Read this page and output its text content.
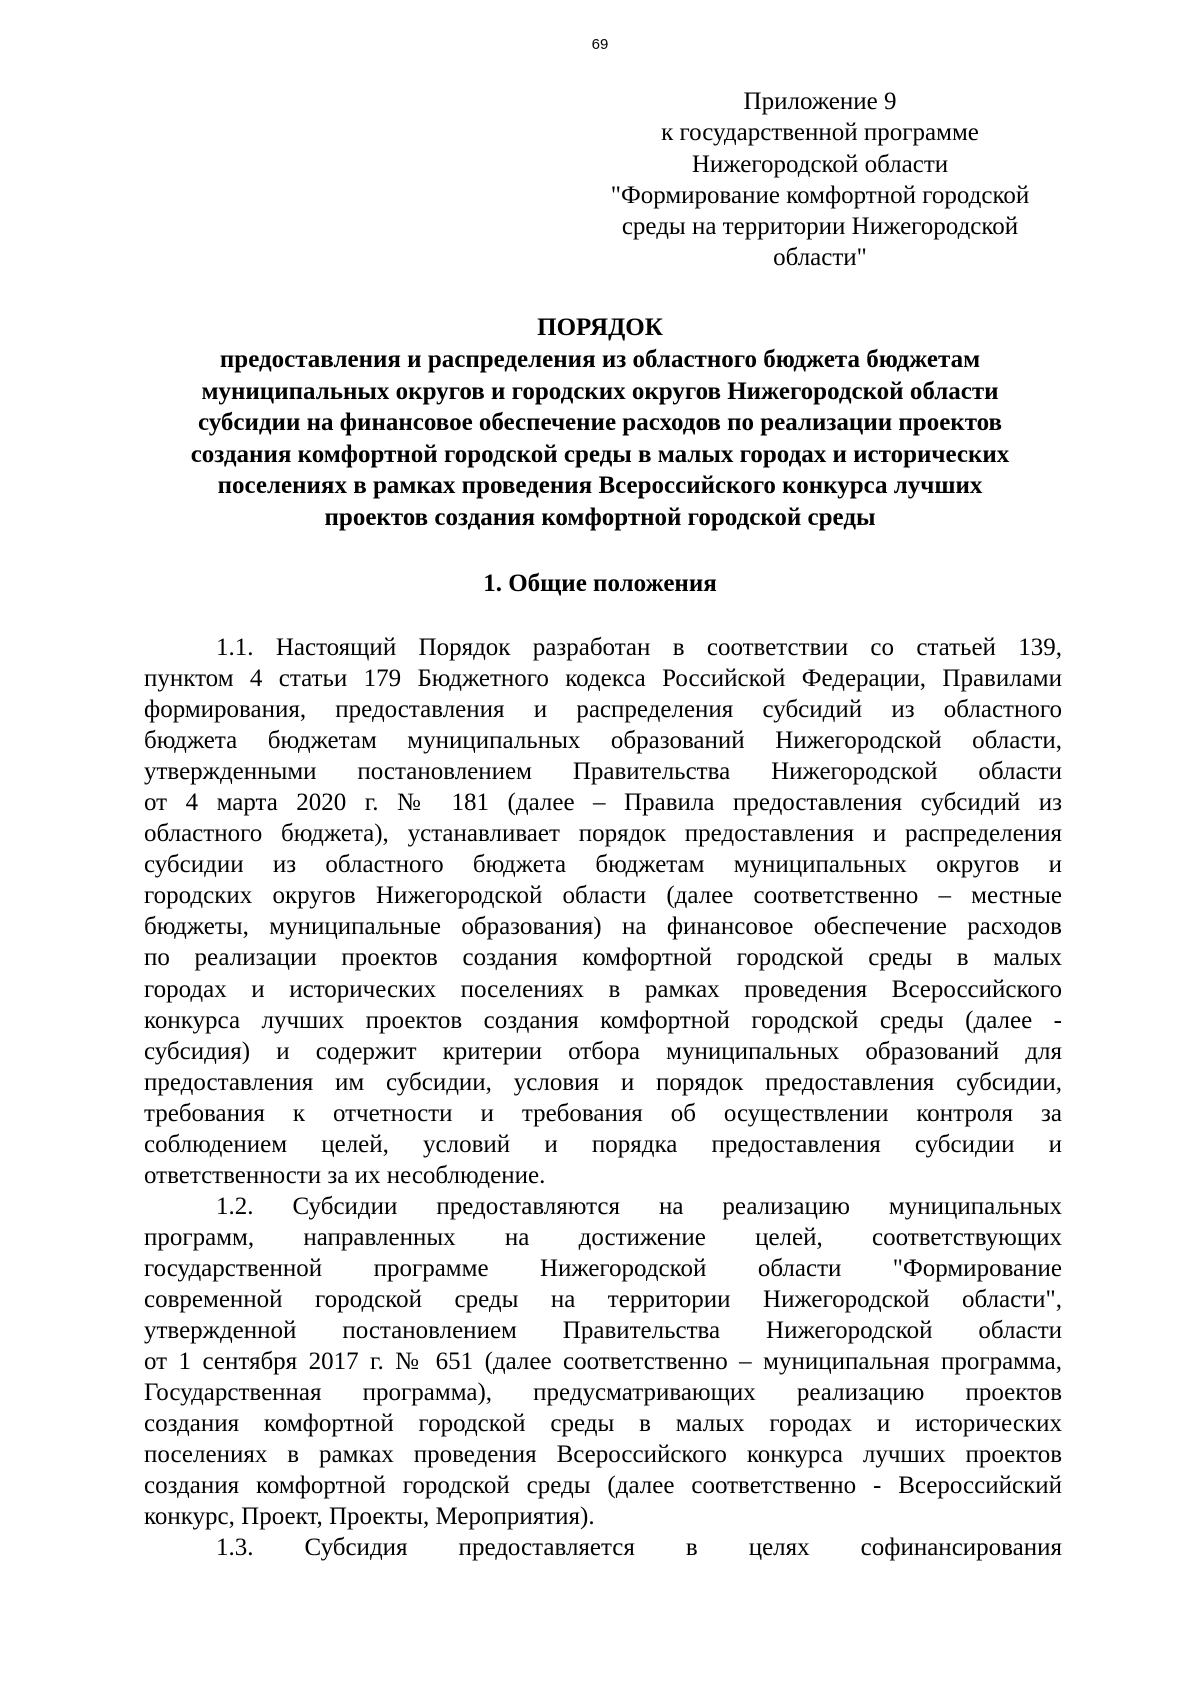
69
Приложение 9
к государственной программе
Нижегородской области
"Формирование комфортной городской
среды на территории Нижегородской
области"
ПОРЯДОК
предоставления и распределения из областного бюджета бюджетам
муниципальных округов и городских округов Нижегородской области
субсидии на финансовое обеспечение расходов по реализации проектов
создания комфортной городской среды в малых городах и исторических
поселениях в рамках проведения Всероссийского конкурса лучших
проектов создания комфортной городской среды
1. Общие положения
1.1. Настоящий Порядок разработан в соответствии со статьей 139,
пунктом 4 статьи 179 Бюджетного кодекса Российской Федерации, Правилами
формирования, предоставления и распределения субсидий из областного
бюджета бюджетам муниципальных образований Нижегородской области,
утвержденными постановлением Правительства Нижегородской области
от 4 марта 2020 г. № 181 (далее – Правила предоставления субсидий из
областного бюджета), устанавливает порядок предоставления и распределения
субсидии из областного бюджета бюджетам муниципальных округов и
городских округов Нижегородской области (далее соответственно – местные
бюджеты, муниципальные образования) на финансовое обеспечение расходов
по реализации проектов создания комфортной городской среды в малых
городах и исторических поселениях в рамках проведения Всероссийского
конкурса лучших проектов создания комфортной городской среды (далее -
субсидия) и содержит критерии отбора муниципальных образований для
предоставления им субсидии, условия и порядок предоставления субсидии,
требования к отчетности и требования об осуществлении контроля за
соблюдением целей, условий и порядка предоставления субсидии и
ответственности за их несоблюдение.
1.2. Субсидии предоставляются на реализацию муниципальных
программ, направленных на достижение целей, соответствующих
государственной программе Нижегородской области "Формирование
современной городской среды на территории Нижегородской области",
утвержденной постановлением Правительства Нижегородской области
от 1 сентября 2017 г. № 651 (далее соответственно – муниципальная программа,
Государственная программа), предусматривающих реализацию проектов
создания комфортной городской среды в малых городах и исторических
поселениях в рамках проведения Всероссийского конкурса лучших проектов
создания комфортной городской среды (далее соответственно - Всероссийский
конкурс, Проект, Проекты, Мероприятия).
1.3. Субсидия предоставляется в целях софинансирования
